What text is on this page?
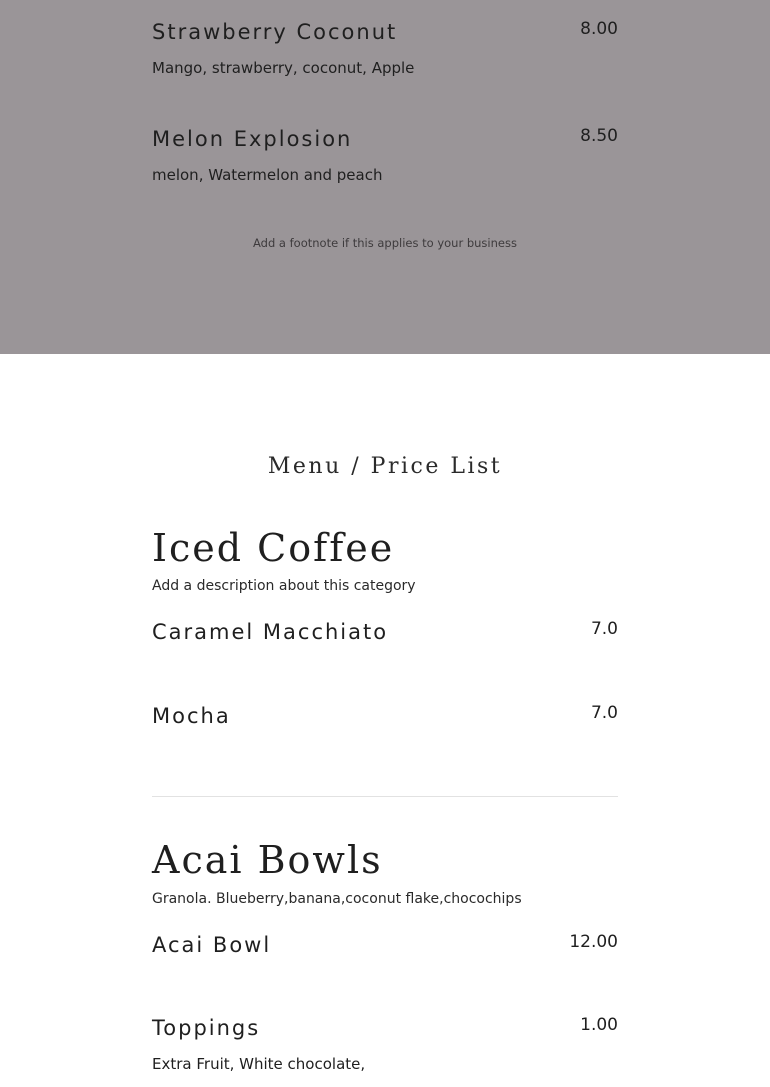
Strawberry Coconut	8.00
Mango, strawberry, coconut, Apple
Melon Explosion	8.50
melon, Watermelon and peach
Add a footnote if this applies to your business
Menu / Price List
Iced Coffee
Add a description about this category
Caramel Macchiato	7.0
Mocha	7.0
Acai Bowls
Granola. Blueberry,banana,coconut flake,chocochips
Acai Bowl	12.00
Toppings	1.00
Extra Fruit, White chocolate,
